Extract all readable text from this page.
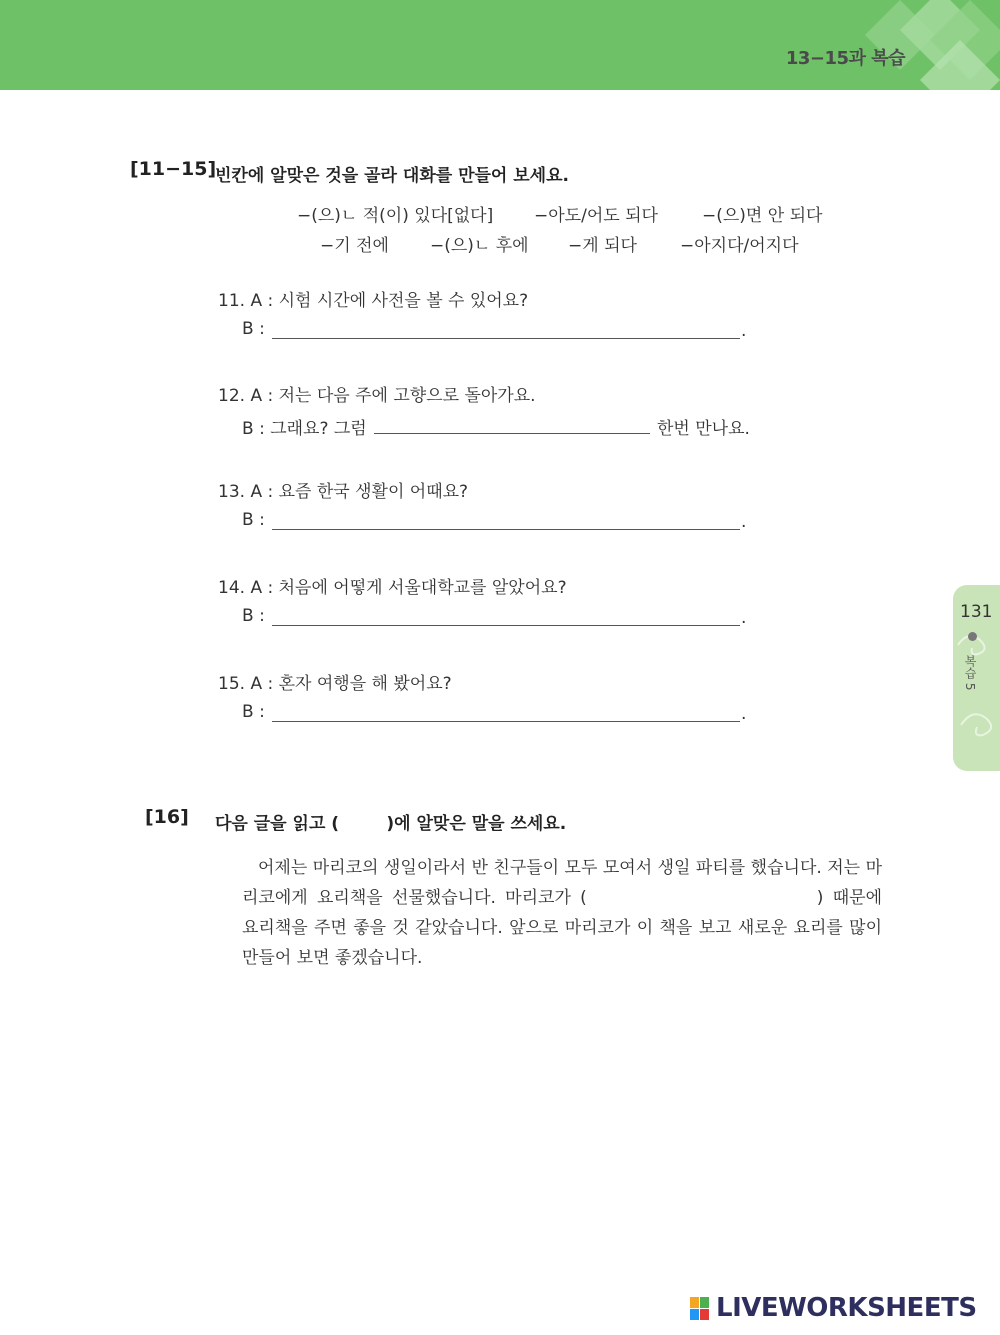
13−15과 복습
[11−15]
빈칸에 알맞은 것을 골라 대화를 만들어 보세요.
−(으)ㄴ 적(이) 있다[없다] −아도/어도 되다	−(으)면 안 되다
−기 전에 −(으)ㄴ 후에 −게 되다	−아지다/어지다
11. A : 시험 시간에 사전을 볼 수 있어요?
B :	.
12. A : 저는 다음 주에 고향으로 돌아가요.
B : 그래요? 그럼	한번 만나요.
13. A : 요즘 한국 생활이 어때요?
B :	.
14. A : 처음에 어떻게 서울대학교를 알았어요?
B :	.
15. A : 혼자 여행을 해 봤어요?
B :	.
131
복습 5
[16] 다음 글을 읽고 (        )에 알맞은 말을 쓰세요.
어제는 마리코의 생일이라서 반 친구들이 모두 모여서 생일 파티를 했습니다. 저는 마리코에게 요리책을 선물했습니다. 마리코가 (	) 때문에 요리책을 주면 좋을 것 같았습니다. 앞으로 마리코가 이 책을 보고 새로운 요리를 많이 만들어 보면 좋겠습니다.
LIVEWORKSHEETS
